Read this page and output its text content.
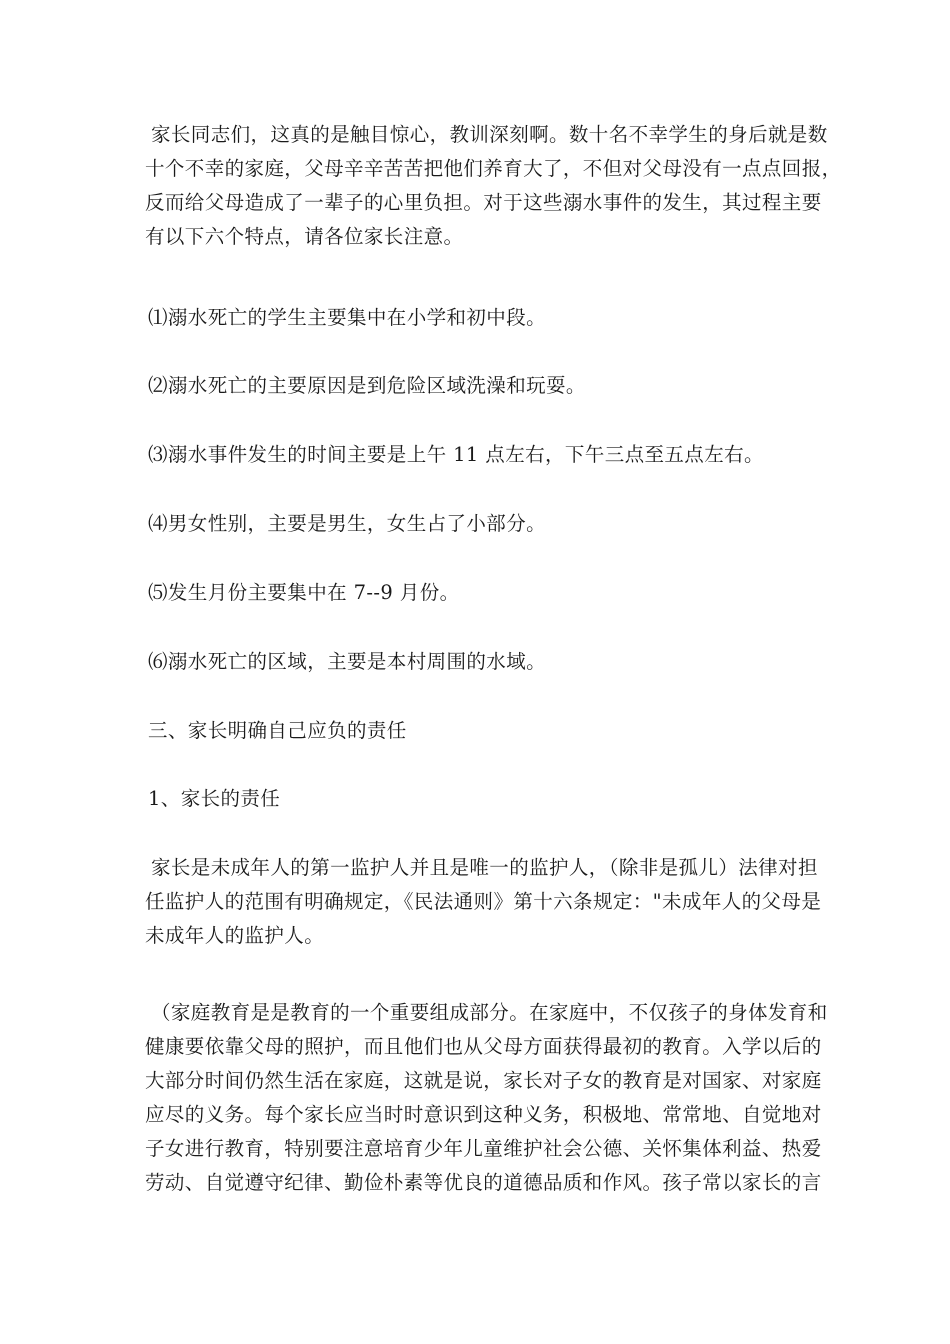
家长同志们，这真的是触目惊心，教训深刻啊。数十名不幸学生的身后就是数
十个不幸的家庭，父母辛辛苦苦把他们养育大了，不但对父母没有一点点回报，
反而给父母造成了一辈子的心里负担。对于这些溺水事件的发生，其过程主要
有以下六个特点，请各位家长注意。
⑴溺水死亡的学生主要集中在小学和初中段。
⑵溺水死亡的主要原因是到危险区域洗澡和玩耍。
⑶溺水事件发生的时间主要是上午 11 点左右，下午三点至五点左右。
⑷男女性别，主要是男生，女生占了小部分。
⑸发生月份主要集中在 7--9 月份。
⑹溺水死亡的区域，主要是本村周围的水域。
三、家长明确自己应负的责任
1、家长的责任
家长是未成年人的第一监护人并且是唯一的监护人，（除非是孤儿）法律对担
任监护人的范围有明确规定，《民法通则》第十六条规定："未成年人的父母是
未成年人的监护人。
（家庭教育是是教育的一个重要组成部分。在家庭中，不仅孩子的身体发育和
健康要依靠父母的照护，而且他们也从父母方面获得最初的教育。入学以后的
大部分时间仍然生活在家庭，这就是说，家长对子女的教育是对国家、对家庭
应尽的义务。每个家长应当时时意识到这种义务，积极地、常常地、自觉地对
子女进行教育，特别要注意培育少年儿童维护社会公德、关怀集体利益、热爱
劳动、自觉遵守纪律、勤俭朴素等优良的道德品质和作风。孩子常以家长的言
